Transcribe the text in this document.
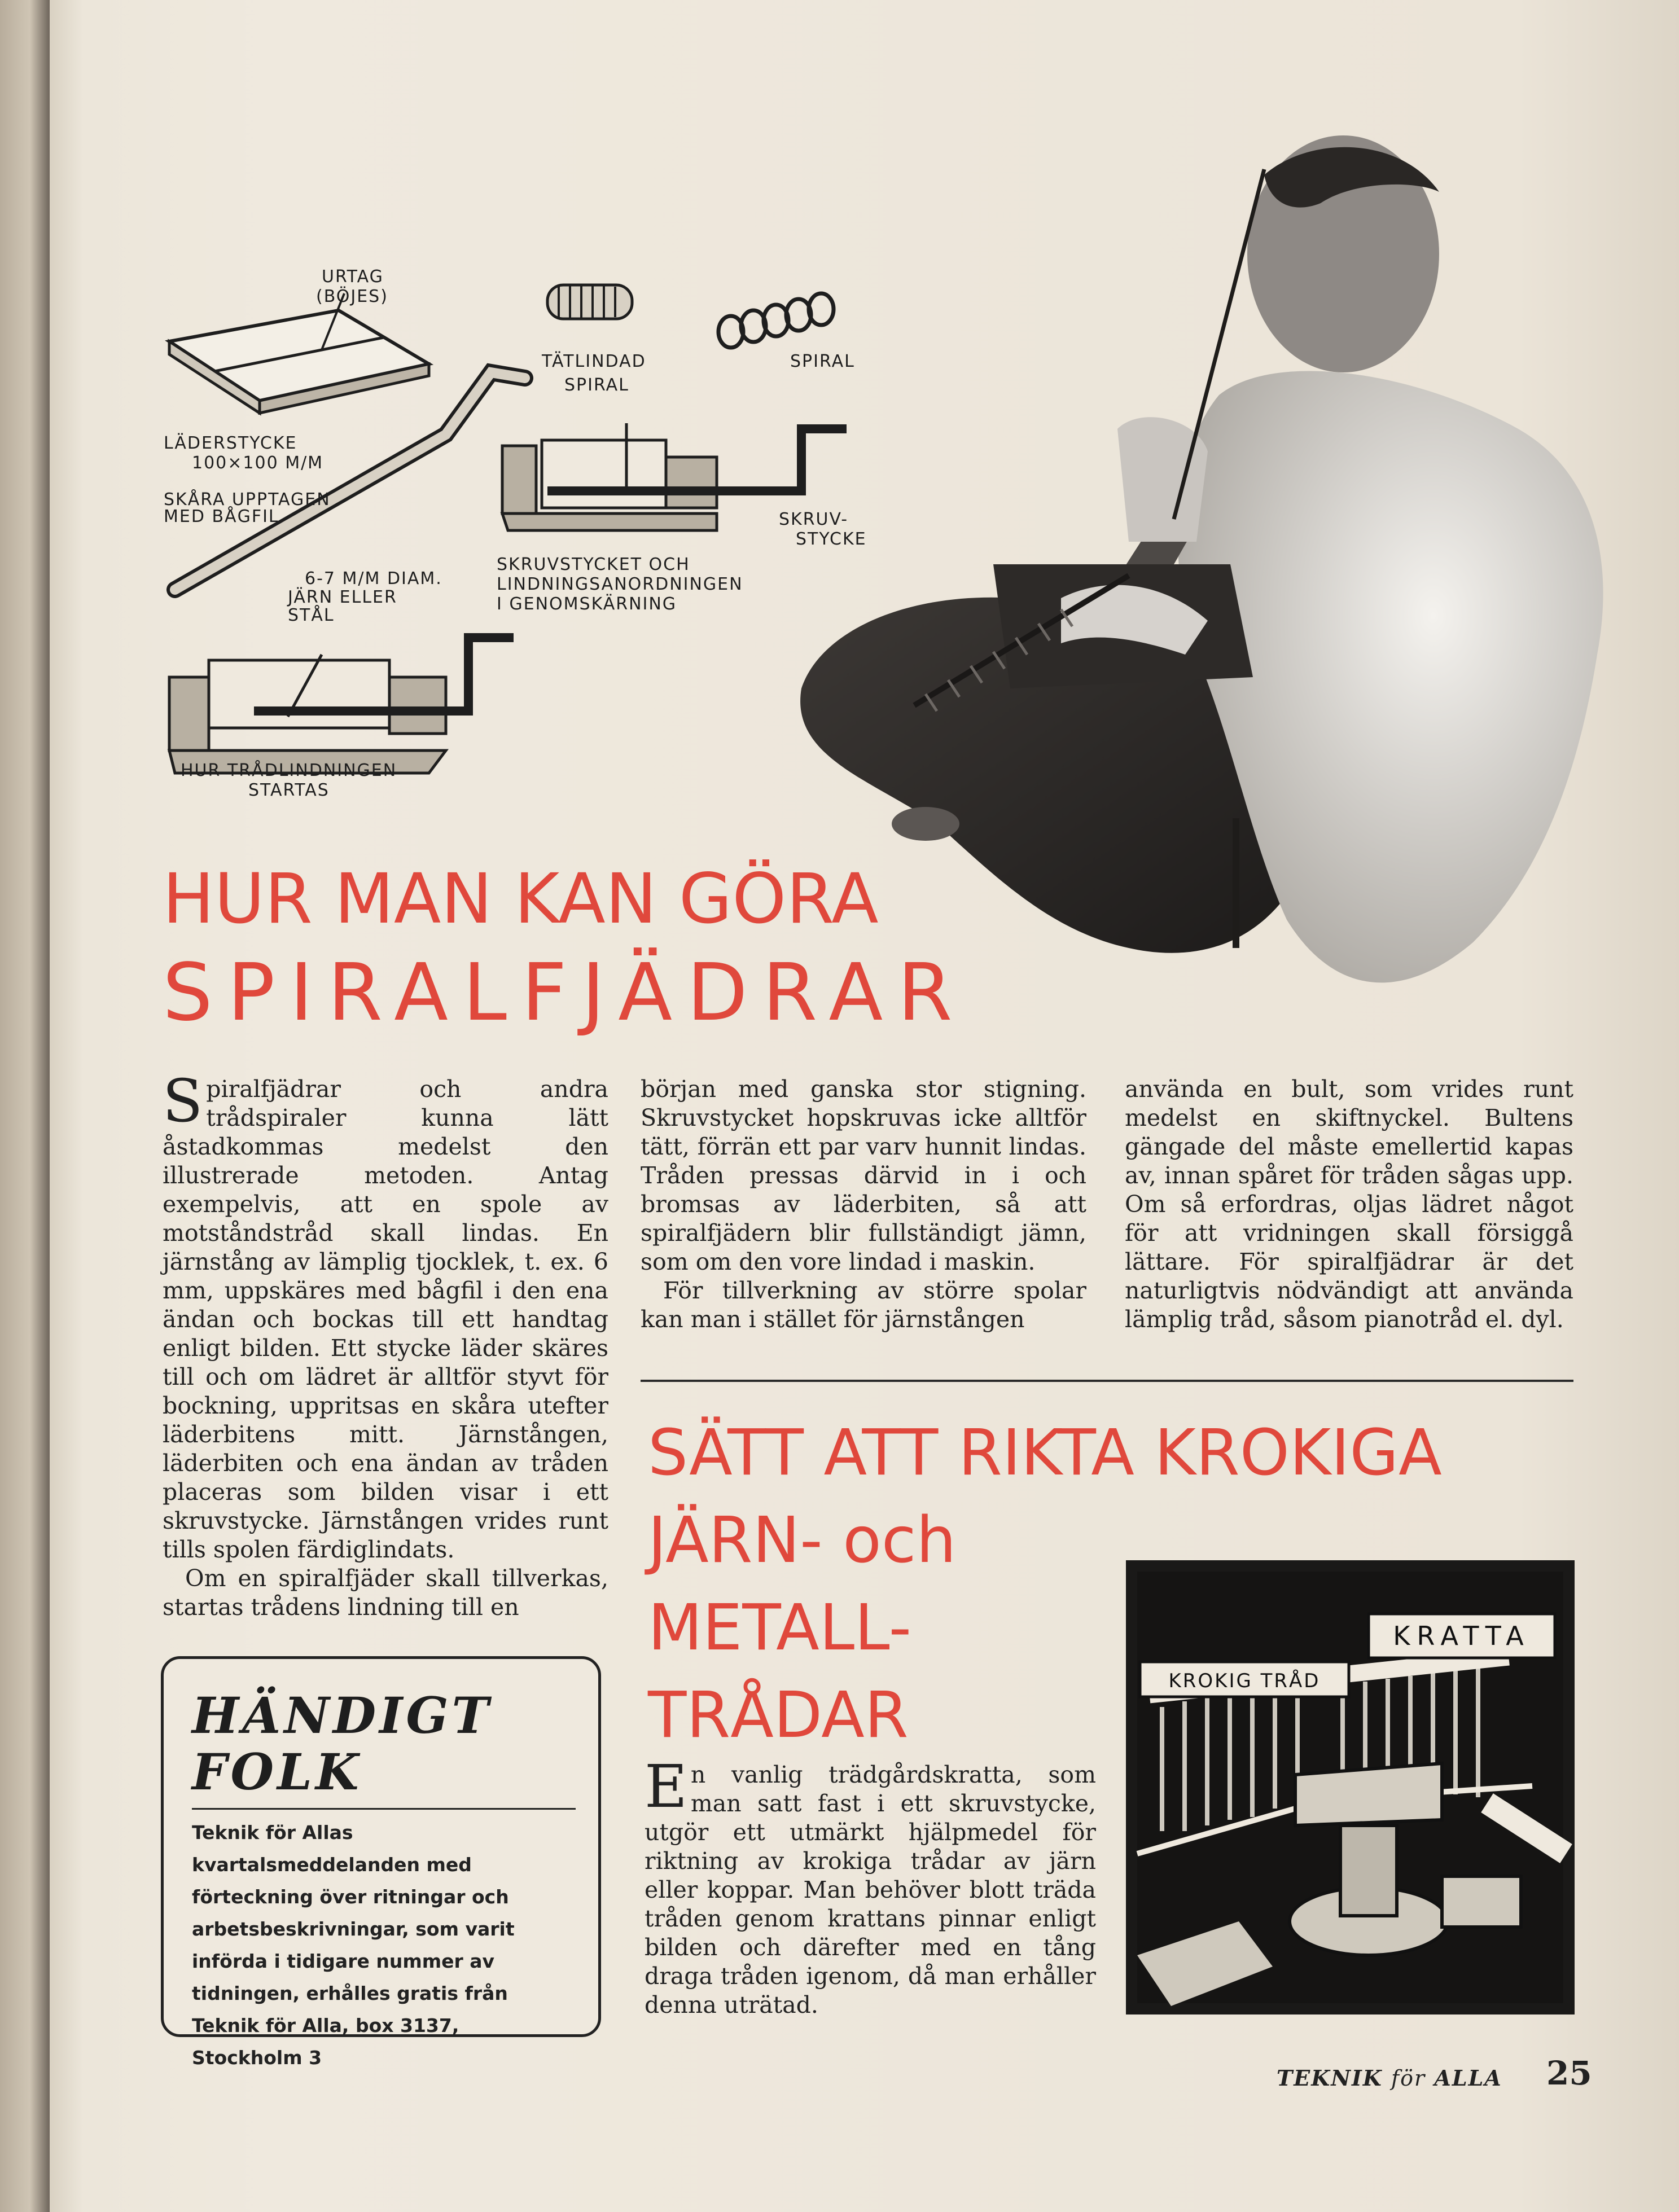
URTAG
(BÖJES)
TÄTLINDAD
SPIRAL
SPIRAL
LÄDERSTYCKE
100×100 M/M
SKÅRA UPPTAGEN
MED BÅGFIL
6-7 M/M DIAM.
JÄRN ELLER
STÅL
SKRUV-
STYCKE
SKRUVSTYCKET OCH
LINDNINGSANORDNINGEN
I GENOMSKÄRNING
HUR TRÅDLINDNINGEN
STARTAS
HUR MAN KAN GÖRA
SPIRALFJÄDRAR

Spiralfjädrar och andra trådspiraler kunna lätt åstadkommas medelst den illustrerade metoden. Antag exempelvis, att en spole av motståndstråd skall lindas. En järnstång av lämplig tjocklek, t. ex. 6 mm, uppskäres med bågfil i den ena ändan och bockas till ett handtag enligt bilden. Ett stycke läder skäres till och om lädret är alltför styvt för bockning, uppritsas en skåra utefter läderbitens mitt. Järnstången, läderbiten och ena ändan av tråden placeras som bilden visar i ett skruvstycke. Järnstången vrides runt tills spolen färdiglindats.

Om en spiralfjäder skall tillverkas, startas trådens lindning till en

början med ganska stor stigning. Skruvstycket hopskruvas icke alltför tätt, förrän ett par varv hunnit lindas. Tråden pressas därvid in i och bromsas av läderbiten, så att spiralfjädern blir fullständigt jämn, som om den vore lindad i maskin.

För tillverkning av större spolar kan man i stället för järnstången

använda en bult, som vrides runt medelst en skiftnyckel. Bultens gängade del måste emellertid kapas av, innan spåret för tråden sågas upp. Om så erfordras, oljas lädret något för att vridningen skall försiggå lättare. För spiralfjädrar är det naturligtvis nödvändigt att använda lämplig tråd, såsom pianotråd el. dyl.

SÄTT ATT RIKTA KROKIGA
JÄRN- och
METALL-
TRÅDAR

En vanlig trädgårdskratta, som man satt fast i ett skruvstycke, utgör ett utmärkt hjälpmedel för riktning av krokiga trådar av järn eller koppar. Man behöver blott träda tråden genom krattans pinnar enligt bilden och därefter med en tång draga tråden igenom, då man erhåller denna uträtad.

KRATTA
KROKIG TRÅD

HÄNDIGT

FOLK

Teknik för Allas kvartalsmeddelanden med förteckning över ritningar och arbetsbeskrivningar, som varit införda i tidigare nummer av tidningen, erhålles gratis från Teknik för Alla, box 3137, Stockholm 3

TEKNIK för ALLA 25
